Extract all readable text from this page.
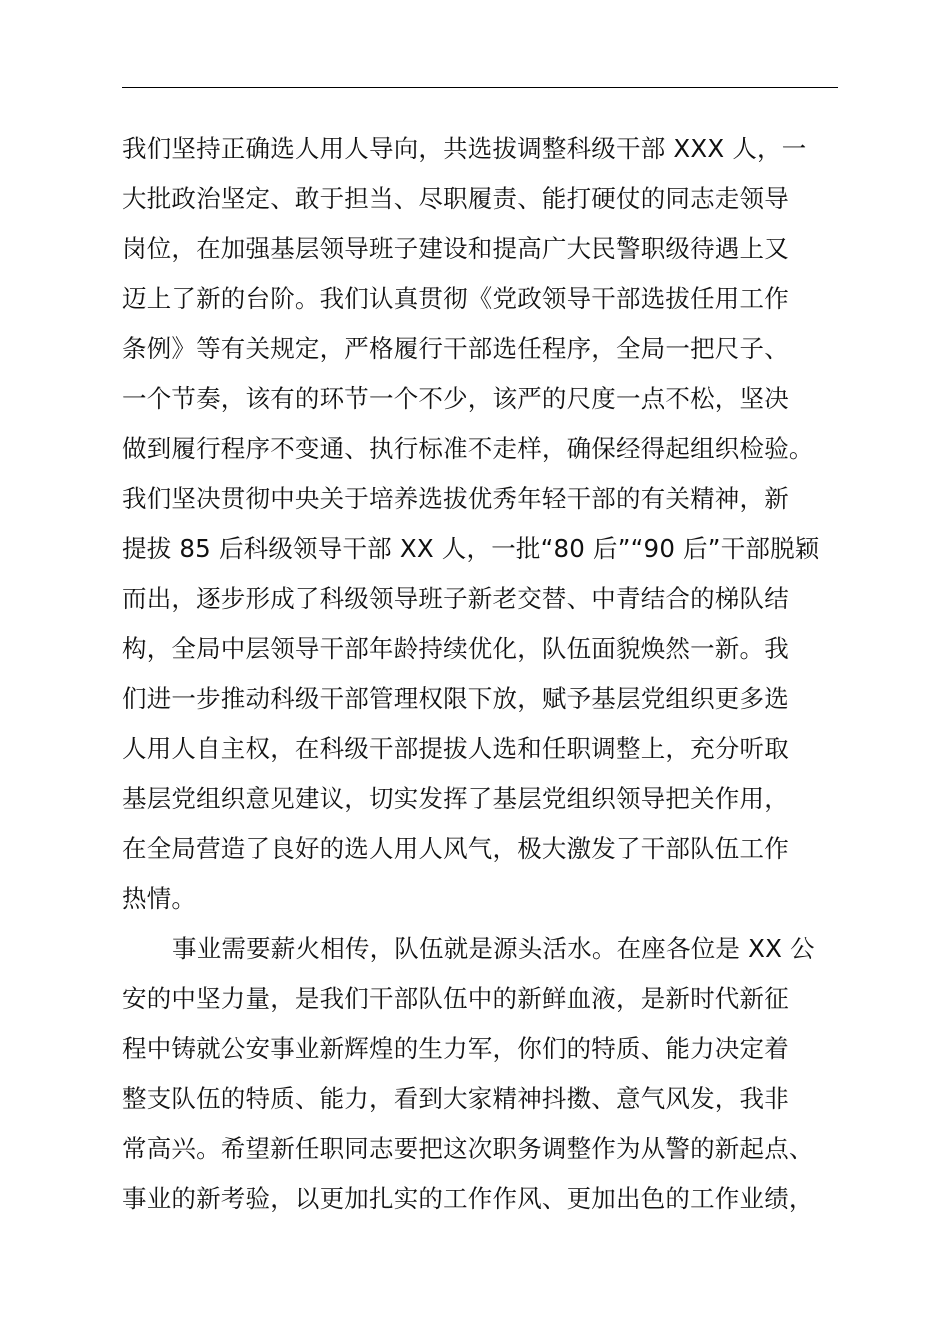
我们坚持正确选人用人导向，共选拔调整科级干部 XXX 人，一
大批政治坚定、敢于担当、尽职履责、能打硬仗的同志走领导
岗位，在加强基层领导班子建设和提高广大民警职级待遇上又
迈上了新的台阶。我们认真贯彻《党政领导干部选拔任用工作
条例》等有关规定，严格履行干部选任程序，全局一把尺子、
一个节奏，该有的环节一个不少，该严的尺度一点不松，坚决
做到履行程序不变通、执行标准不走样，确保经得起组织检验。
我们坚决贯彻中央关于培养选拔优秀年轻干部的有关精神，新
提拔 85 后科级领导干部 XX 人，一批“80 后”“90 后”干部脱颖
而出，逐步形成了科级领导班子新老交替、中青结合的梯队结
构，全局中层领导干部年龄持续优化，队伍面貌焕然一新。我
们进一步推动科级干部管理权限下放，赋予基层党组织更多选
人用人自主权，在科级干部提拔人选和任职调整上，充分听取
基层党组织意见建议，切实发挥了基层党组织领导把关作用，
在全局营造了良好的选人用人风气，极大激发了干部队伍工作
热情。
事业需要薪火相传，队伍就是源头活水。在座各位是 XX 公
安的中坚力量，是我们干部队伍中的新鲜血液，是新时代新征
程中铸就公安事业新辉煌的生力军，你们的特质、能力决定着
整支队伍的特质、能力，看到大家精神抖擞、意气风发，我非
常高兴。希望新任职同志要把这次职务调整作为从警的新起点、
事业的新考验，以更加扎实的工作作风、更加出色的工作业绩，
